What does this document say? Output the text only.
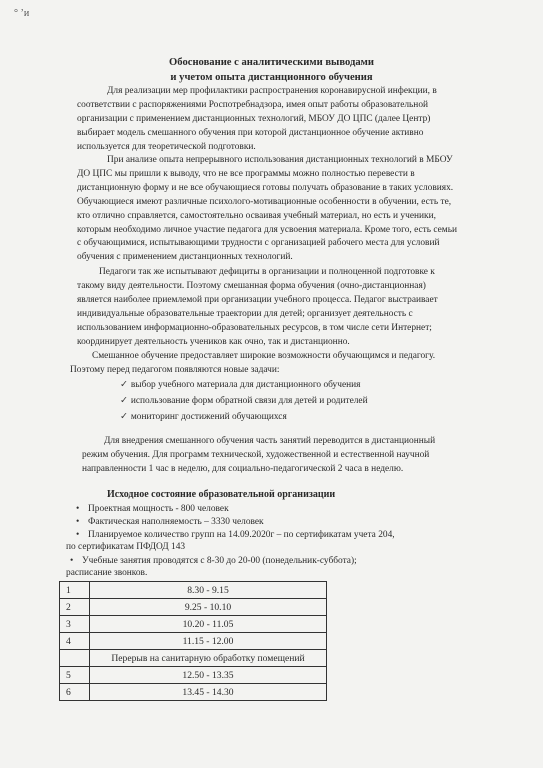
° ’и
Обоснование с аналитическими выводами
и учетом опыта дистанционного обучения
Для реализации мер профилактики распространения коронавирусной инфекции, в
соответствии с распоряжениями Роспотребнадзора, имея опыт работы образовательной
организации с применением дистанционных технологий, МБОУ ДО ЦПС (далее Центр)
выбирает модель смешанного обучения при которой дистанционное обучение активно
используется для теоретической подготовки.
При анализе опыта непрерывного использования дистанционных технологий в МБОУ
ДО ЦПС мы пришли к выводу, что не все программы можно полностью перевести в
дистанционную форму и не все обучающиеся готовы получать образование в таких условиях.
Обучающиеся имеют различные психолого-мотивационные особенности в обучении, есть те,
кто отлично справляется, самостоятельно осваивая учебный материал, но есть и ученики,
которым необходимо личное участие педагога для усвоения материала. Кроме того, есть семьи
с обучающимися, испытывающими трудности с организацией рабочего места для условий
обучения с применением дистанционных технологий.
Педагоги так же испытывают дефициты в организации и полноценной подготовке к
такому виду деятельности. Поэтому смешанная форма обучения (очно-дистанционная)
является наиболее приемлемой при организации учебного процесса. Педагог выстраивает
индивидуальные образовательные траектории для детей; организует деятельность с
использованием информационно-образовательных ресурсов, в том числе сети Интернет;
координирует деятельность учеников как очно, так и дистанционно.
Смешанное обучение предоставляет широкие возможности обучающимся и педагогу.
Поэтому перед педагогом появляются новые задачи:
✓ выбор учебного материала для дистанционного обучения
✓ использование форм обратной связи для детей и родителей
✓ мониторинг достижений обучающихся
Для внедрения смешанного обучения часть занятий переводится в дистанционный
режим обучения. Для программ технической, художественной и естественной научной
направленности 1 час в неделю, для социально-педагогической 2 часа в неделю.
Исходное состояние образовательной организации
• Проектная мощность - 800 человек
• Фактическая наполняемость – 3330 человек
• Планируемое количество групп на 14.09.2020г – по сертификатам учета 204,
по сертификатам ПФДОД 143
• Учебные занятия проводятся с 8-30 до 20-00 (понедельник-суббота);
расписание звонков.
1	8.30 - 9.15
2	9.25 - 10.10
3	10.20 - 11.05
4	11.15 - 12.00
	Перерыв на санитарную обработку помещений
5	12.50 - 13.35
6	13.45 - 14.30
